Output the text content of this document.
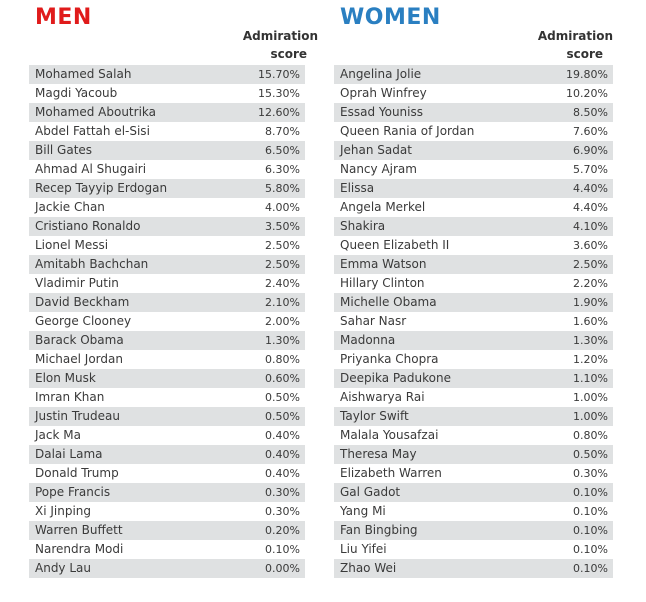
MEN
Admiration
score
Mohamed Salah	15.70%
Magdi Yacoub	15.30%
Mohamed Aboutrika	12.60%
Abdel Fattah el-Sisi	8.70%
Bill Gates	6.50%
Ahmad Al Shugairi	6.30%
Recep Tayyip Erdogan	5.80%
Jackie Chan	4.00%
Cristiano Ronaldo	3.50%
Lionel Messi	2.50%
Amitabh Bachchan	2.50%
Vladimir Putin	2.40%
David Beckham	2.10%
George Clooney	2.00%
Barack Obama	1.30%
Michael Jordan	0.80%
Elon Musk	0.60%
Imran Khan	0.50%
Justin Trudeau	0.50%
Jack Ma	0.40%
Dalai Lama	0.40%
Donald Trump	0.40%
Pope Francis	0.30%
Xi Jinping	0.30%
Warren Buffett	0.20%
Narendra Modi	0.10%
Andy Lau	0.00%
WOMEN
Admiration
score
Angelina Jolie	19.80%
Oprah Winfrey	10.20%
Essad Youniss	8.50%
Queen Rania of Jordan	7.60%
Jehan Sadat	6.90%
Nancy Ajram	5.70%
Elissa	4.40%
Angela Merkel	4.40%
Shakira	4.10%
Queen Elizabeth II	3.60%
Emma Watson	2.50%
Hillary Clinton	2.20%
Michelle Obama	1.90%
Sahar Nasr	1.60%
Madonna	1.30%
Priyanka Chopra	1.20%
Deepika Padukone	1.10%
Aishwarya Rai	1.00%
Taylor Swift	1.00%
Malala Yousafzai	0.80%
Theresa May	0.50%
Elizabeth Warren	0.30%
Gal Gadot	0.10%
Yang Mi	0.10%
Fan Bingbing	0.10%
Liu Yifei	0.10%
Zhao Wei	0.10%
